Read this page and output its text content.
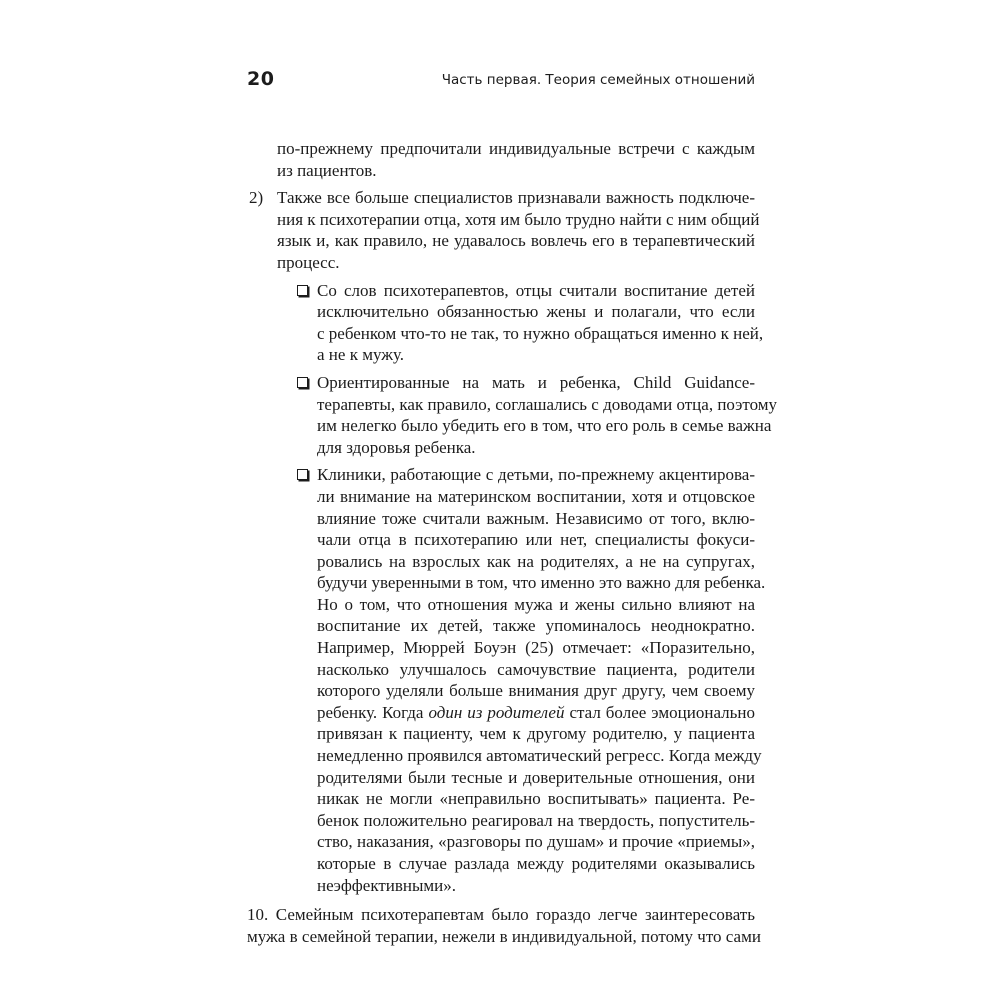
20	Часть первая. Теория семейных отношений
по-прежнему предпочитали индивидуальные встречи с каждым
из пациентов.
2) Также все больше специалистов признавали важность подключе-
ния к психотерапии отца, хотя им было трудно найти с ним общий
язык и, как правило, не удавалось вовлечь его в терапевтический
процесс.
Со слов психотерапевтов, отцы считали воспитание детей
исключительно обязанностью жены и полагали, что если
с ребенком что-то не так, то нужно обращаться именно к ней,
а не к мужу.
Ориентированные на мать и ребенка, Child Guidance-
терапевты, как правило, соглашались с доводами отца, поэтому
им нелегко было убедить его в том, что его роль в семье важна
для здоровья ребенка.
Клиники, работающие с детьми, по-прежнему акцентирова-
ли внимание на материнском воспитании, хотя и отцовское
влияние тоже считали важным. Независимо от того, вклю-
чали отца в психотерапию или нет, специалисты фокуси-
ровались на взрослых как на родителях, а не на супругах,
будучи уверенными в том, что именно это важно для ребенка.
Но о том, что отношения мужа и жены сильно влияют на
воспитание их детей, также упоминалось неоднократно.
Например, Мюррей Боуэн (25) отмечает: «Поразительно,
насколько улучшалось самочувствие пациента, родители
которого уделяли больше внимания друг другу, чем своему
ребенку. Когда один из родителей стал более эмоционально
привязан к пациенту, чем к другому родителю, у пациента
немедленно проявился автоматический регресс. Когда между
родителями были тесные и доверительные отношения, они
никак не могли «неправильно воспитывать» пациента. Ре-
бенок положительно реагировал на твердость, попуститель-
ство, наказания, «разговоры по душам» и прочие «приемы»,
которые в случае разлада между родителями оказывались
неэффективными».
10. Семейным психотерапевтам было гораздо легче заинтересовать
мужа в семейной терапии, нежели в индивидуальной, потому что сами
